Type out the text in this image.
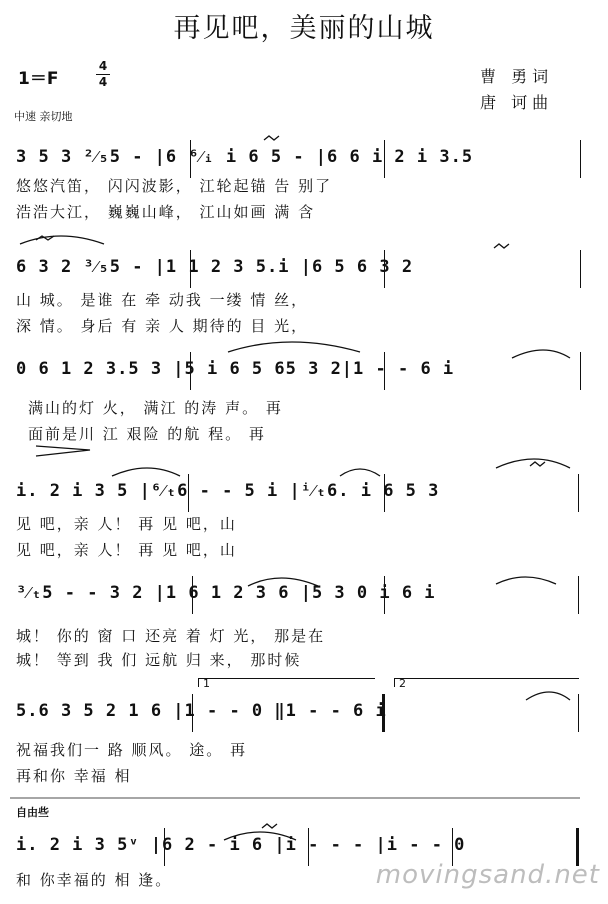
再见吧，美丽的山城
1＝F
4
4	曹 勇词
唐 诃曲
中速 亲切地
3 5 3 ²⁄₅5 - |6 ⁶⁄ᵢ i 6 5 - |6 6 i 2 i 3.5
悠悠汽笛， 闪闪波影， 江轮起锚 告 别了
浩浩大江， 巍巍山峰， 江山如画 满 含
6 3 2 ³⁄₅5 - |1 1 2 3 5.i |6 5 6 3 2
山 城。 是谁 在 牵 动我 一缕 情 丝，
深 情。 身后 有 亲 人 期待的 目 光，
0 6 1 2 3.5 3 |5 i 6 5 65 3 2|1 - - 6 i
满山的灯 火， 满江 的涛 声。 再
面前是川 江 艰险 的航 程。 再
i. 2 i 3 5 |⁶⁄ₜ6 - - 5 i |ⁱ⁄ₜ6. i 6 5 3
见 吧，亲 人！ 再 见 吧，山
见 吧，亲 人！ 再 见 吧，山
³⁄ₜ5 - - 3 2 |1 6 1 2 3 6 |5 3 0 i 6 i
城！ 你的 窗 口 还亮 着 灯 光， 那是在
城！ 等到 我 们 远航 归 来， 那时候
1	2
5.6 3 5 2 1 6 |1 - - 0 ‖1 - - 6 i
祝福我们一 路 顺风。 途。 再
再和你 幸福 相
自由些
i. 2 i 3 5ᵛ |6 2 - i 6 |i - - - |i - - 0
和 你幸福的 相 逢。	movingsand.net
